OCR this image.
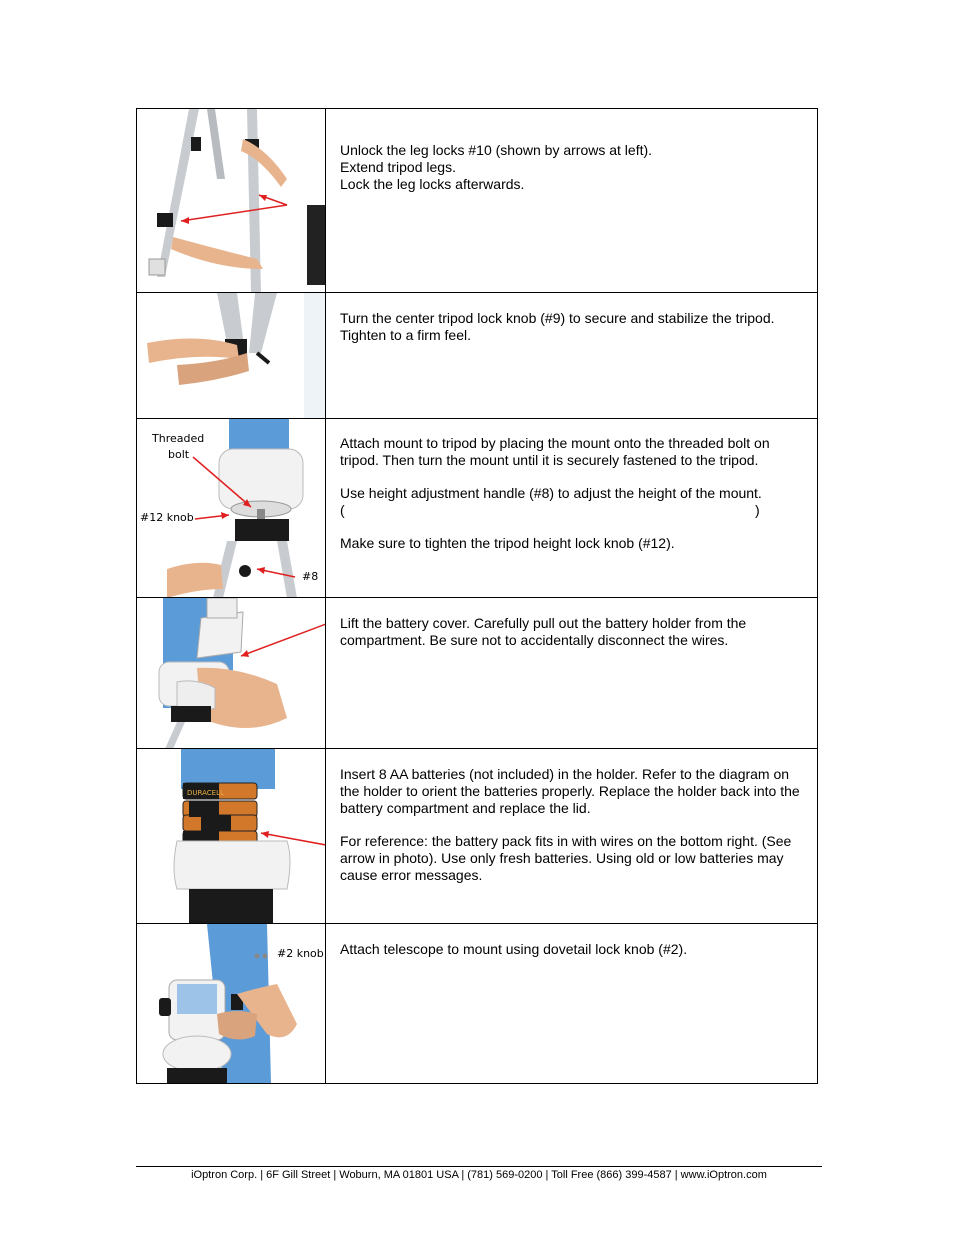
Unlock the leg locks #10 (shown by arrows at left).

Extend tripod legs.

Lock the leg locks afterwards.

Turn the center tripod lock knob (#9) to secure and stabilize the tripod. Tighten to a firm feel.

Threaded
bolt
#12 knob
#8

Attach mount to tripod by placing the mount onto the threaded bolt on tripod. Then turn the mount until it is securely fastened to the tripod.

Use height adjustment handle (#8) to adjust the height of the mount.

(	)

Make sure to tighten the tripod height lock knob (#12).

Lift the battery cover. Carefully pull out the battery holder from the compartment. Be sure not to accidentally disconnect the wires.

DURACELL

Insert 8 AA batteries (not included) in the holder. Refer to the diagram on the holder to orient the batteries properly. Replace the holder back into the battery compartment and replace the lid.

For reference: the battery pack fits in with wires on the bottom right. (See arrow in photo). Use only fresh batteries. Using old or low batteries may cause error messages.

#2 knob Attach telescope to mount using dovetail lock knob (#2).

iOptron Corp. | 6F Gill Street | Woburn, MA 01801 USA | (781) 569-0200 | Toll Free (866) 399-4587 | www.iOptron.com
